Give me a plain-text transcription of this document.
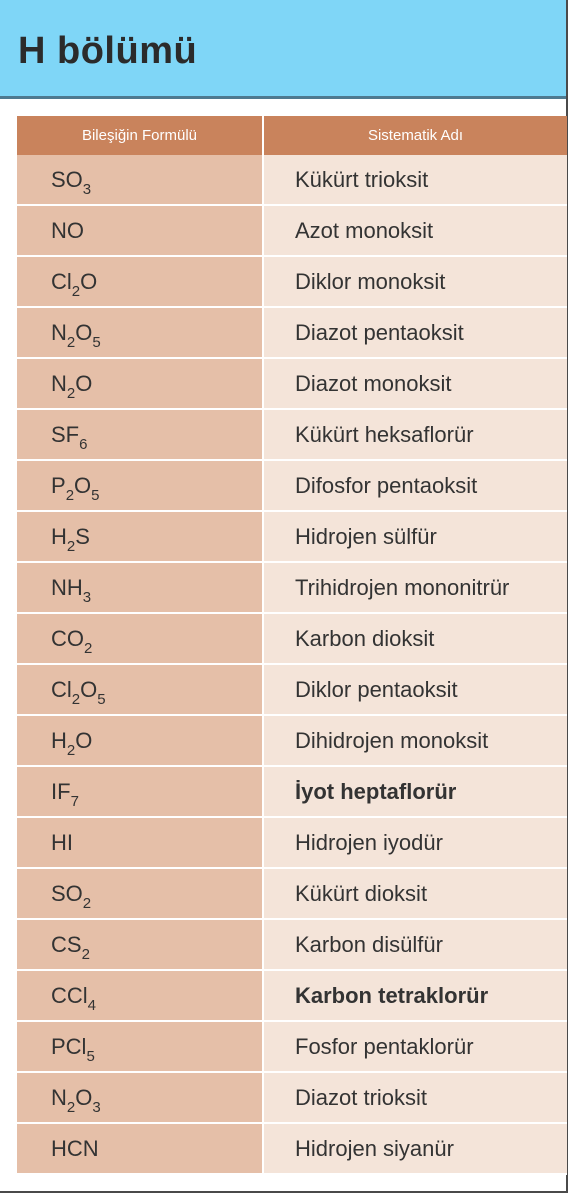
H bölümü
Bileşiğin Formülü	Sistematik Adı
$SO_3$	Kükürt trioksit
NO	Azot monoksit
$Cl_2O$	Diklor monoksit
$N_2O_5$	Diazot pentaoksit
$N_2O$	Diazot monoksit
$SF_6$	Kükürt heksaflorür
$P_2O_5$	Difosfor pentaoksit
$H_2S$	Hidrojen sülfür
$NH_3$	Trihidrojen mononitrür
$CO_2$	Karbon dioksit
$Cl_2O_5$	Diklor pentaoksit
$H_2O$	Dihidrojen monoksit
$IF_7$	İyot heptaflorür
HI	Hidrojen iyodür
$SO_2$	Kükürt dioksit
$CS_2$	Karbon disülfür
CCl$_4$	Karbon tetraklorür
PCl$_5$	Fosfor pentaklorür
$N_2O_3$	Diazot trioksit
HCN	Hidrojen siyanür
